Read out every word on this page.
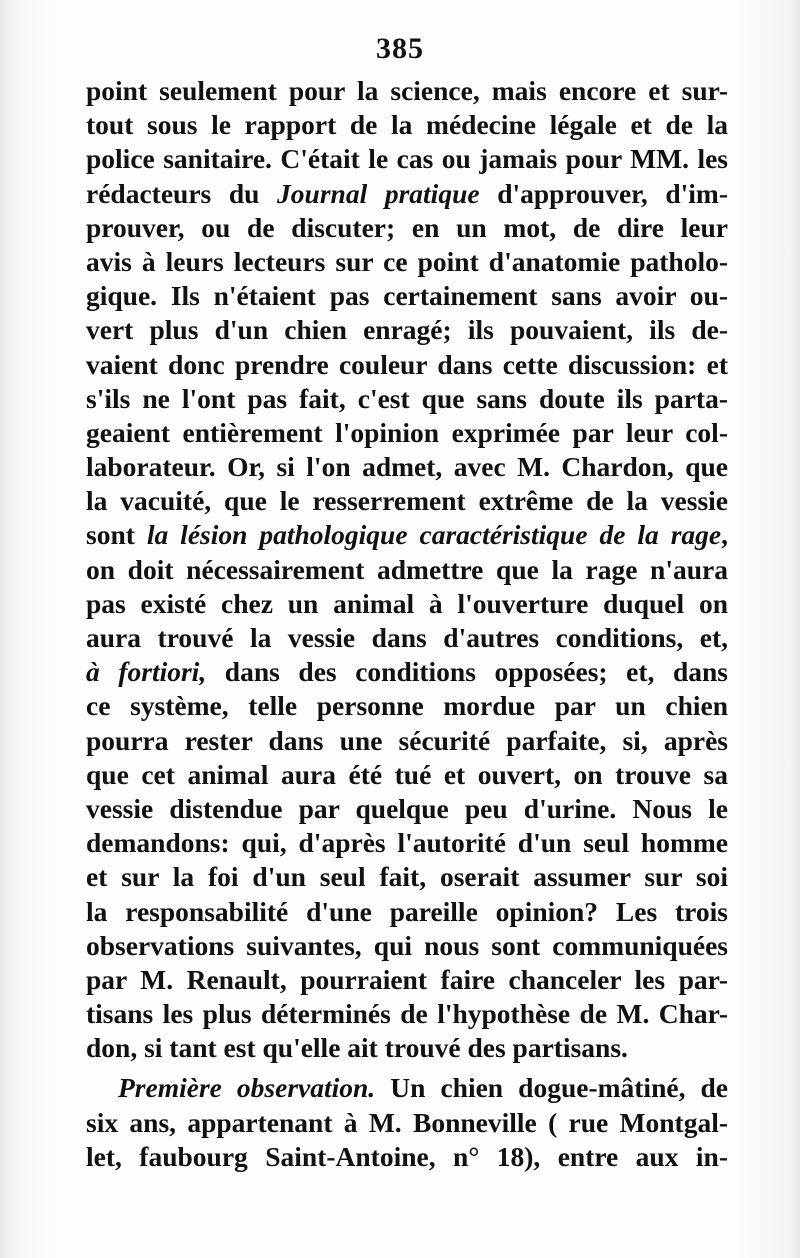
385
point seulement pour la science, mais encore et sur-
tout sous le rapport de la médecine légale et de la
police sanitaire. C'était le cas ou jamais pour MM. les
rédacteurs du Journal pratique d'approuver, d'im-
prouver, ou de discuter; en un mot, de dire leur
avis à leurs lecteurs sur ce point d'anatomie patholo-
gique. Ils n'étaient pas certainement sans avoir ou-
vert plus d'un chien enragé; ils pouvaient, ils de-
vaient donc prendre couleur dans cette discussion: et
s'ils ne l'ont pas fait, c'est que sans doute ils parta-
geaient entièrement l'opinion exprimée par leur col-
laborateur. Or, si l'on admet, avec M. Chardon, que
la vacuité, que le resserrement extrême de la vessie
sont la lésion pathologique caractéristique de la rage,
on doit nécessairement admettre que la rage n'aura
pas existé chez un animal à l'ouverture duquel on
aura trouvé la vessie dans d'autres conditions, et,
à fortiori, dans des conditions opposées; et, dans
ce système, telle personne mordue par un chien
pourra rester dans une sécurité parfaite, si, après
que cet animal aura été tué et ouvert, on trouve sa
vessie distendue par quelque peu d'urine. Nous le
demandons: qui, d'après l'autorité d'un seul homme
et sur la foi d'un seul fait, oserait assumer sur soi
la responsabilité d'une pareille opinion? Les trois
observations suivantes, qui nous sont communiquées
par M. Renault, pourraient faire chanceler les par-
tisans les plus déterminés de l'hypothèse de M. Char-
don, si tant est qu'elle ait trouvé des partisans.
Première observation. Un chien dogue-mâtiné, de
six ans, appartenant à M. Bonneville ( rue Montgal-
let, faubourg Saint-Antoine, n° 18), entre aux in-
